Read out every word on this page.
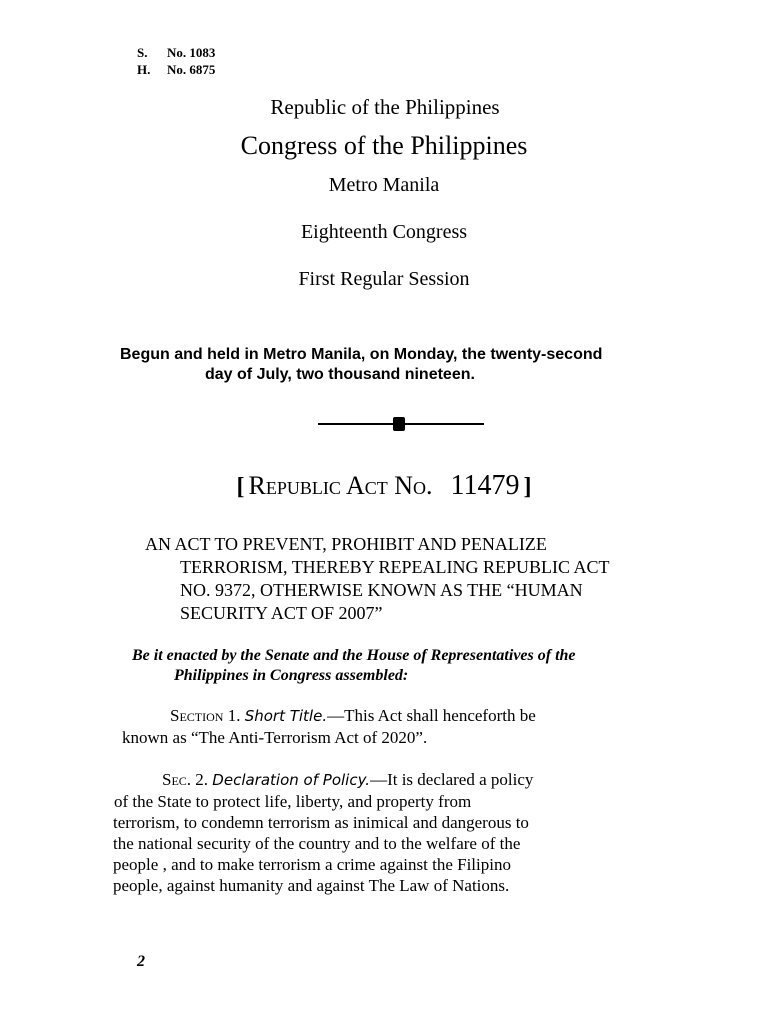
S. No. 1083
H. No. 6875
Republic of the Philippines
Congress of the Philippines
Metro Manila
Eighteenth Congress
First Regular Session
Begun and held in Metro Manila, on Monday, the twenty-second
day of July, two thousand nineteen.
[ Republic Act No. 11479 ]
AN ACT TO PREVENT, PROHIBIT AND PENALIZE
TERRORISM, THEREBY REPEALING REPUBLIC ACT
NO. 9372, OTHERWISE KNOWN AS THE “HUMAN
SECURITY ACT OF 2007”
Be it enacted by the Senate and the House of Representatives of the
Philippines in Congress assembled:
Section 1. Short Title.—This Act shall henceforth be
known as “The Anti-Terrorism Act of 2020”.
Sec. 2. Declaration of Policy.—It is declared a policy
of the State to protect life, liberty, and property from
terrorism, to condemn terrorism as inimical and dangerous to
the national security of the country and to the welfare of the
people , and to make terrorism a crime against the Filipino
people, against humanity and against The Law of Nations.
2
